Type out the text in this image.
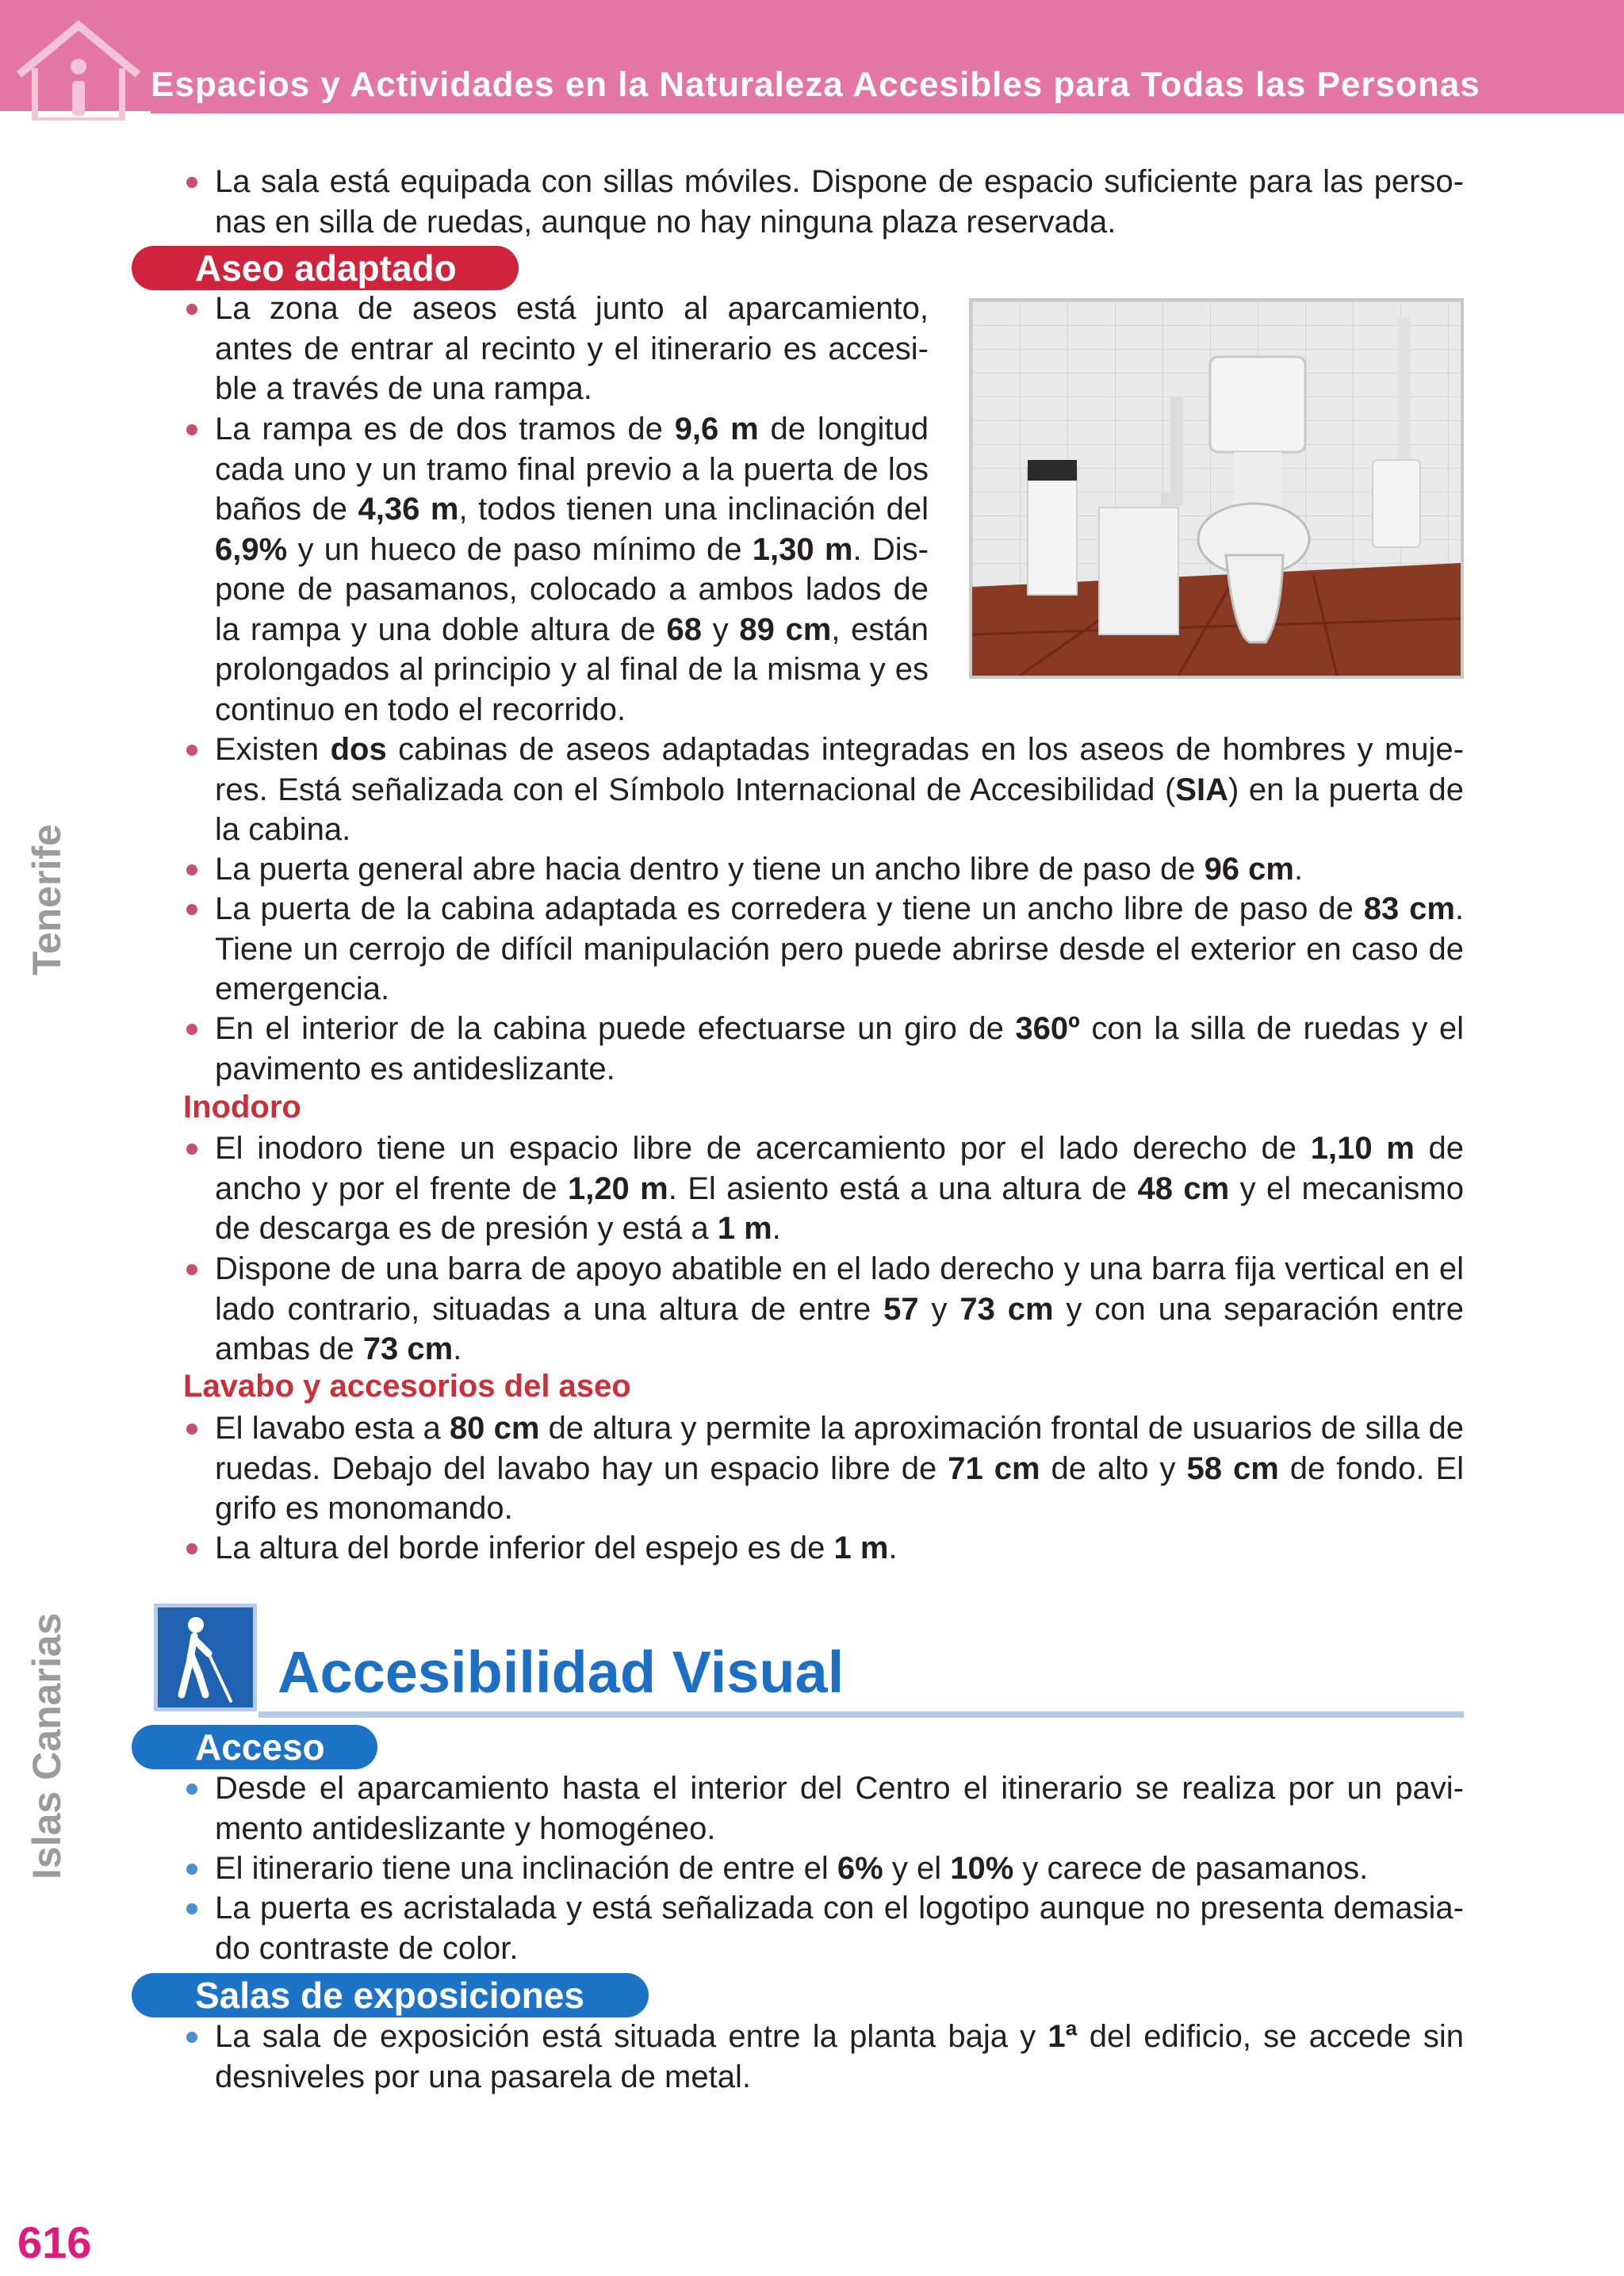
Espacios y Actividades en la Naturaleza Accesibles para Todas las Personas
Tenerife
Islas Canarias
La sala está equipada con sillas móviles. Dispone de espacio suficiente para las perso-
nas en silla de ruedas, aunque no hay ninguna plaza reservada.
Aseo adaptado
La zona de aseos está junto al aparcamiento,
antes de entrar al recinto y el itinerario es accesi-
ble a través de una rampa.
La rampa es de dos tramos de 9,6 m de longitud
cada uno y un tramo final previo a la puerta de los
baños de 4,36 m, todos tienen una inclinación del
6,9% y un hueco de paso mínimo de 1,30 m. Dis-
pone de pasamanos, colocado a ambos lados de
la rampa y una doble altura de 68 y 89 cm, están
prolongados al principio y al final de la misma y es
continuo en todo el recorrido.
Existen dos cabinas de aseos adaptadas integradas en los aseos de hombres y muje-
res. Está señalizada con el Símbolo Internacional de Accesibilidad (SIA) en la puerta de
la cabina.
La puerta general abre hacia dentro y tiene un ancho libre de paso de 96 cm.
La puerta de la cabina adaptada es corredera y tiene un ancho libre de paso de 83 cm.
Tiene un cerrojo de difícil manipulación pero puede abrirse desde el exterior en caso de
emergencia.
En el interior de la cabina puede efectuarse un giro de 360º con la silla de ruedas y el
pavimento es antideslizante.
Inodoro
El inodoro tiene un espacio libre de acercamiento por el lado derecho de 1,10 m de
ancho y por el frente de 1,20 m. El asiento está a una altura de 48 cm y el mecanismo
de descarga es de presión y está a 1 m.
Dispone de una barra de apoyo abatible en el lado derecho y una barra fija vertical en el
lado contrario, situadas a una altura de entre 57 y 73 cm y con una separación entre
ambas de 73 cm.
Lavabo y accesorios del aseo
El lavabo esta a 80 cm de altura y permite la aproximación frontal de usuarios de silla de
ruedas. Debajo del lavabo hay un espacio libre de 71 cm de alto y 58 cm de fondo. El
grifo es monomando.
La altura del borde inferior del espejo es de 1 m.
Accesibilidad Visual
Acceso
Desde el aparcamiento hasta el interior del Centro el itinerario se realiza por un pavi-
mento antideslizante y homogéneo.
El itinerario tiene una inclinación de entre el 6% y el 10% y carece de pasamanos.
La puerta es acristalada y está señalizada con el logotipo aunque no presenta demasia-
do contraste de color.
Salas de exposiciones
La sala de exposición está situada entre la planta baja y 1ª del edificio, se accede sin
desniveles por una pasarela de metal.
616
